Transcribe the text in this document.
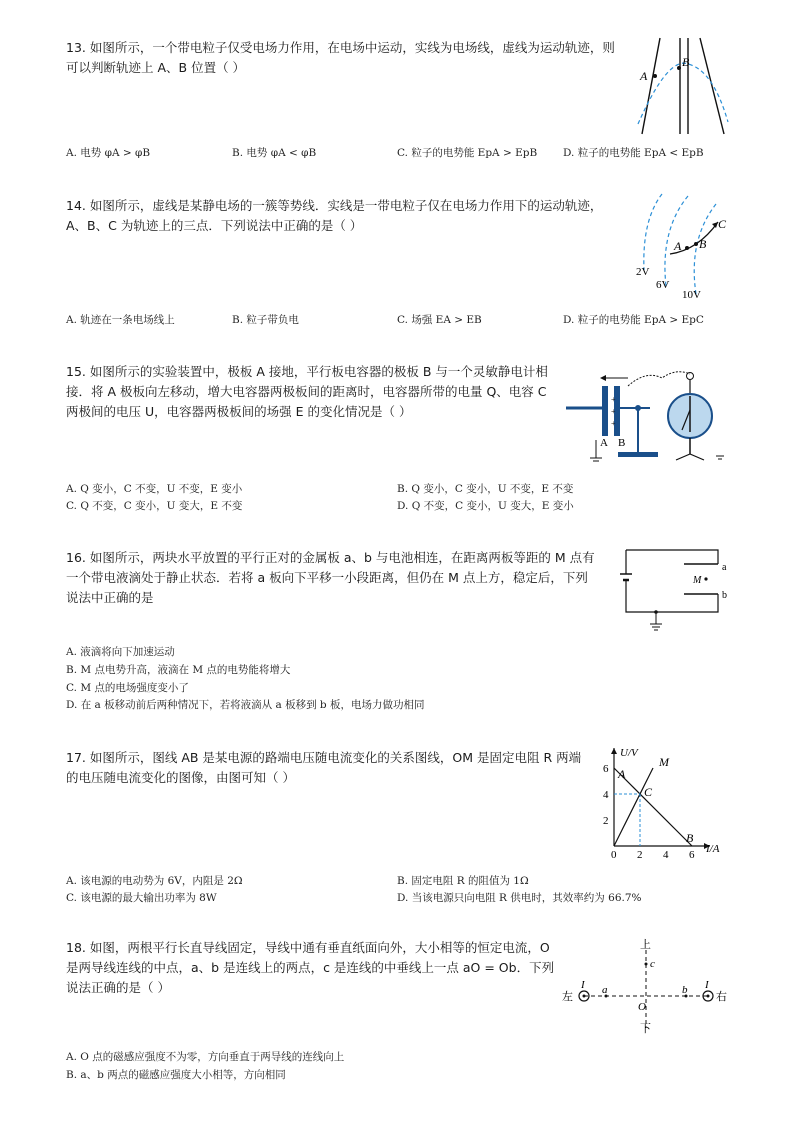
13. 如图所示，一个带电粒子仅受电场力作用，在电场中运动，实线为电场线，虚线为运动轨迹，则可以判断轨迹上 A、B 位置（ ）
A
B
A. 电势 φA > φB	B. 电势 φA < φB	C. 粒子的电势能 EpA > EpB D. 粒子的电势能 EpA < EpB
14. 如图所示，虚线是某静电场的一簇等势线．实线是一带电粒子仅在电场力作用下的运动轨迹， A、B、C 为轨迹上的三点．下列说法中正确的是（ ）	C
A B
2V
6V
10V
A. 轨迹在一条电场线上	B. 粒子带负电	C. 场强 EA > EB	D. 粒子的电势能 EpA > EpC
15. 如图所示的实验装置中，极板 A 接地，平行板电容器的极板 B 与一个灵敏静电计相接．将 A 极板向左移动，增大电容器两极板间的距离时，电容器所带的电量 Q、电容 C 两极间的电压 U，电容器两极板间的场强 E 的变化情况是（ ）
+
+
+
A B
A. Q 变小，C 不变，U 不变，E 变小	B. Q 变小，C 变小，U 不变，E 不变
C. Q 不变，C 变小，U 变大，E 不变	D. Q 不变，C 变小，U 变大，E 变小
16. 如图所示，两块水平放置的平行正对的金属板 a、b 与电池相连，在距离两板等距的 M 点有一个带电液滴处于静止状态．若将 a 板向下平移一小段距离，但仍在 M 点上方，稳定后，下列说法中正确的是
a
M
b
A. 液滴将向下加速运动
B. M 点电势升高，液滴在 M 点的电势能将增大
C. M 点的电场强度变小了
D. 在 a 板移动前后两种情况下，若将液滴从 a 板移到 b 板，电场力做功相同
17. 如图所示，图线 AB 是某电源的路端电压随电流变化的关系图线，OM 是固定电阻 R 两端的电压随电流变化的图像，由图可知（ ）
0 2 4 6
2
4
6 A
B
C
M
U/V
I/A
A. 该电源的电动势为 6V，内阻是 2Ω	B. 固定电阻 R 的阻值为 1Ω
C. 该电源的最大输出功率为 8W	D. 当该电源只向电阻 R 供电时，其效率约为 66.7%
18. 如图，两根平行长直导线固定，导线中通有垂直纸面向外，大小相等的恒定电流，O 是两导线连线的中点，a、b 是连线上的两点，c 是连线的中垂线上一点 aO = Ob．下列说法正确的是（ ）
上
c
I	I
左
a	b
右
O
下
A. O 点的磁感应强度不为零，方向垂直于两导线的连线向上
B. a、b 两点的磁感应强度大小相等，方向相同
